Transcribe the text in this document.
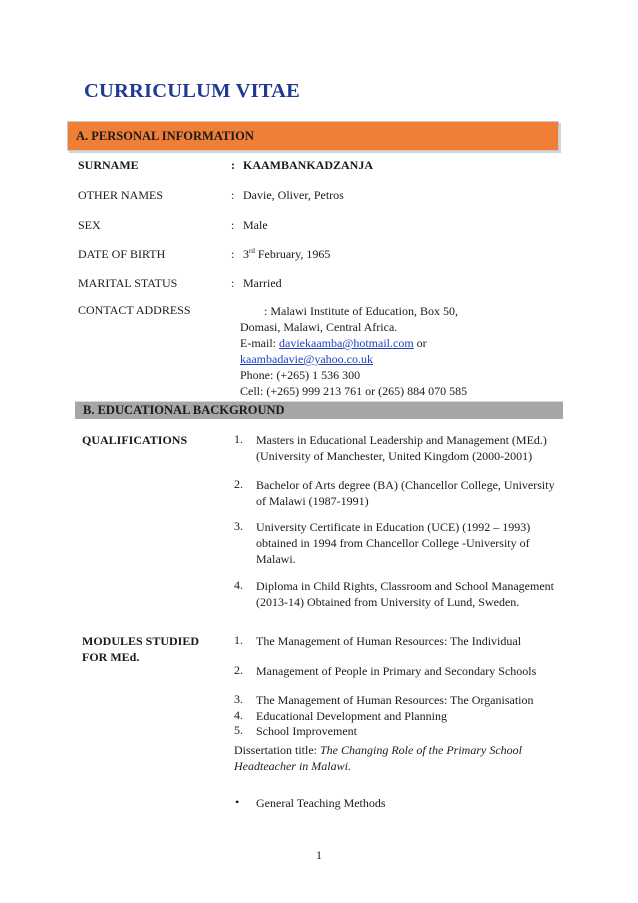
CURRICULUM VITAE
A. PERSONAL INFORMATION
SURNAME	: KAAMBANKADZANJA
OTHER NAMES	: Davie, Oliver, Petros
SEX	: Male
DATE OF BIRTH	: 3rd February, 1965
MARITAL STATUS	: Married
CONTACT ADDRESS	: Malawi Institute of Education, Box 50,
Domasi, Malawi, Central Africa.
E-mail: daviekaamba@hotmail.com or
kaambadavie@yahoo.co.uk
Phone: (+265) 1 536 300
Cell: (+265) 999 213 761 or (265) 884 070 585
B. EDUCATIONAL BACKGROUND
QUALIFICATIONS	1. Masters in Educational Leadership and Management (MEd.) (University of Manchester, United Kingdom (2000-2001)
2. Bachelor of Arts degree (BA) (Chancellor College, University of Malawi (1987-1991)
3. University Certificate in Education (UCE) (1992 – 1993) obtained in 1994 from Chancellor College -University of Malawi.
4. Diploma in Child Rights, Classroom and School Management (2013-14) Obtained from University of Lund, Sweden.
MODULES STUDIED
FOR MEd.
1. The Management of Human Resources: The Individual
2. Management of People in Primary and Secondary Schools
3. The Management of Human Resources: The Organisation
4. Educational Development and Planning
5. School Improvement
Dissertation title: The Changing Role of the Primary School Headteacher in Malawi.
• General Teaching Methods
1
